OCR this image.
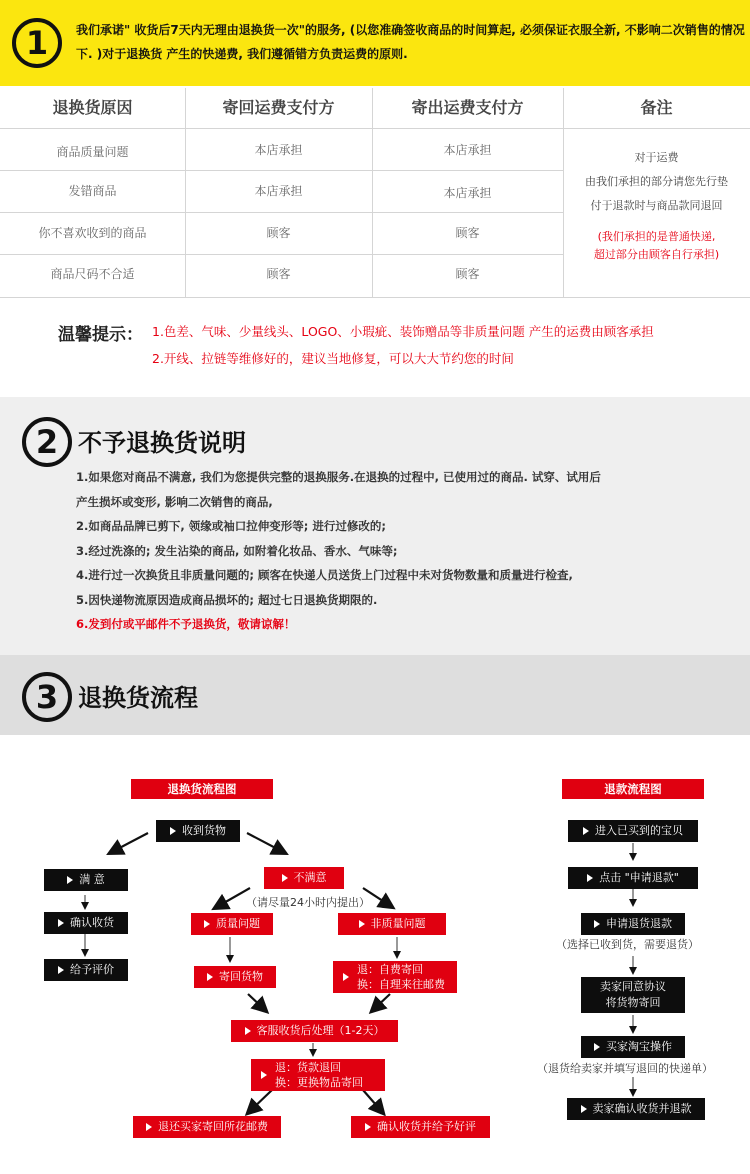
1	我们承诺" 收货后7天内无理由退换货一次"的服务, (以您准确签收商品的时间算起, 必须保证衣服全新, 不影响二次销售的情况下. )对于退换货 产生的快递费, 我们遵循错方负责运费的原则.
退换货原因	寄回运费支付方	寄出运费支付方	备注
商品质量问题	本店承担	本店承担
发错商品	本店承担	本店承担
你不喜欢收到的商品	顾客	顾客
商品尺码不合适	顾客	顾客
对于运费
由我们承担的部分请您先行垫
付于退款时与商品款同退回
(我们承担的是普通快递,
超过部分由顾客自行承担)
温馨提示： 1.色差、气味、少量线头、LOGO、小瑕疵、装饰赠品等非质量问题 产生的运费由顾客承担
2.开线、拉链等维修好的，建议当地修复，可以大大节约您的时间
2 不予退换货说明
1.如果您对商品不满意, 我们为您提供完整的退换服务.在退换的过程中, 已使用过的商品. 试穿、试用后
产生损坏或变形, 影响二次销售的商品,
2.如商品品牌已剪下, 领缘或袖口拉伸变形等; 进行过修改的;
3.经过洗涤的; 发生沾染的商品, 如附着化妆品、香水、气味等;
4.进行过一次换货且非质量问题的; 顾客在快递人员送货上门过程中未对货物数量和质量进行检查,
5.因快递物流原因造成商品损坏的; 超过七日退换货期限的.
6.发到付或平邮件不予退换货，敬请谅解！
3 退换货流程
退换货流程图
收到货物
满 意
确认收货
给予评价
不满意
（请尽量24小时内提出）
质量问题	非质量问题
寄回货物
退：自费寄回
换：自理来往邮费
客服收货后处理（1-2天）
退：货款退回
换：更换物品寄回
退还买家寄回所花邮费	确认收货并给予好评
退款流程图
进入已买到的宝贝
点击 "申请退款"
申请退货退款
（选择已收到货，需要退货）
卖家同意协议
将货物寄回
买家淘宝操作
（退货给卖家并填写退回的快递单）
卖家确认收货并退款
